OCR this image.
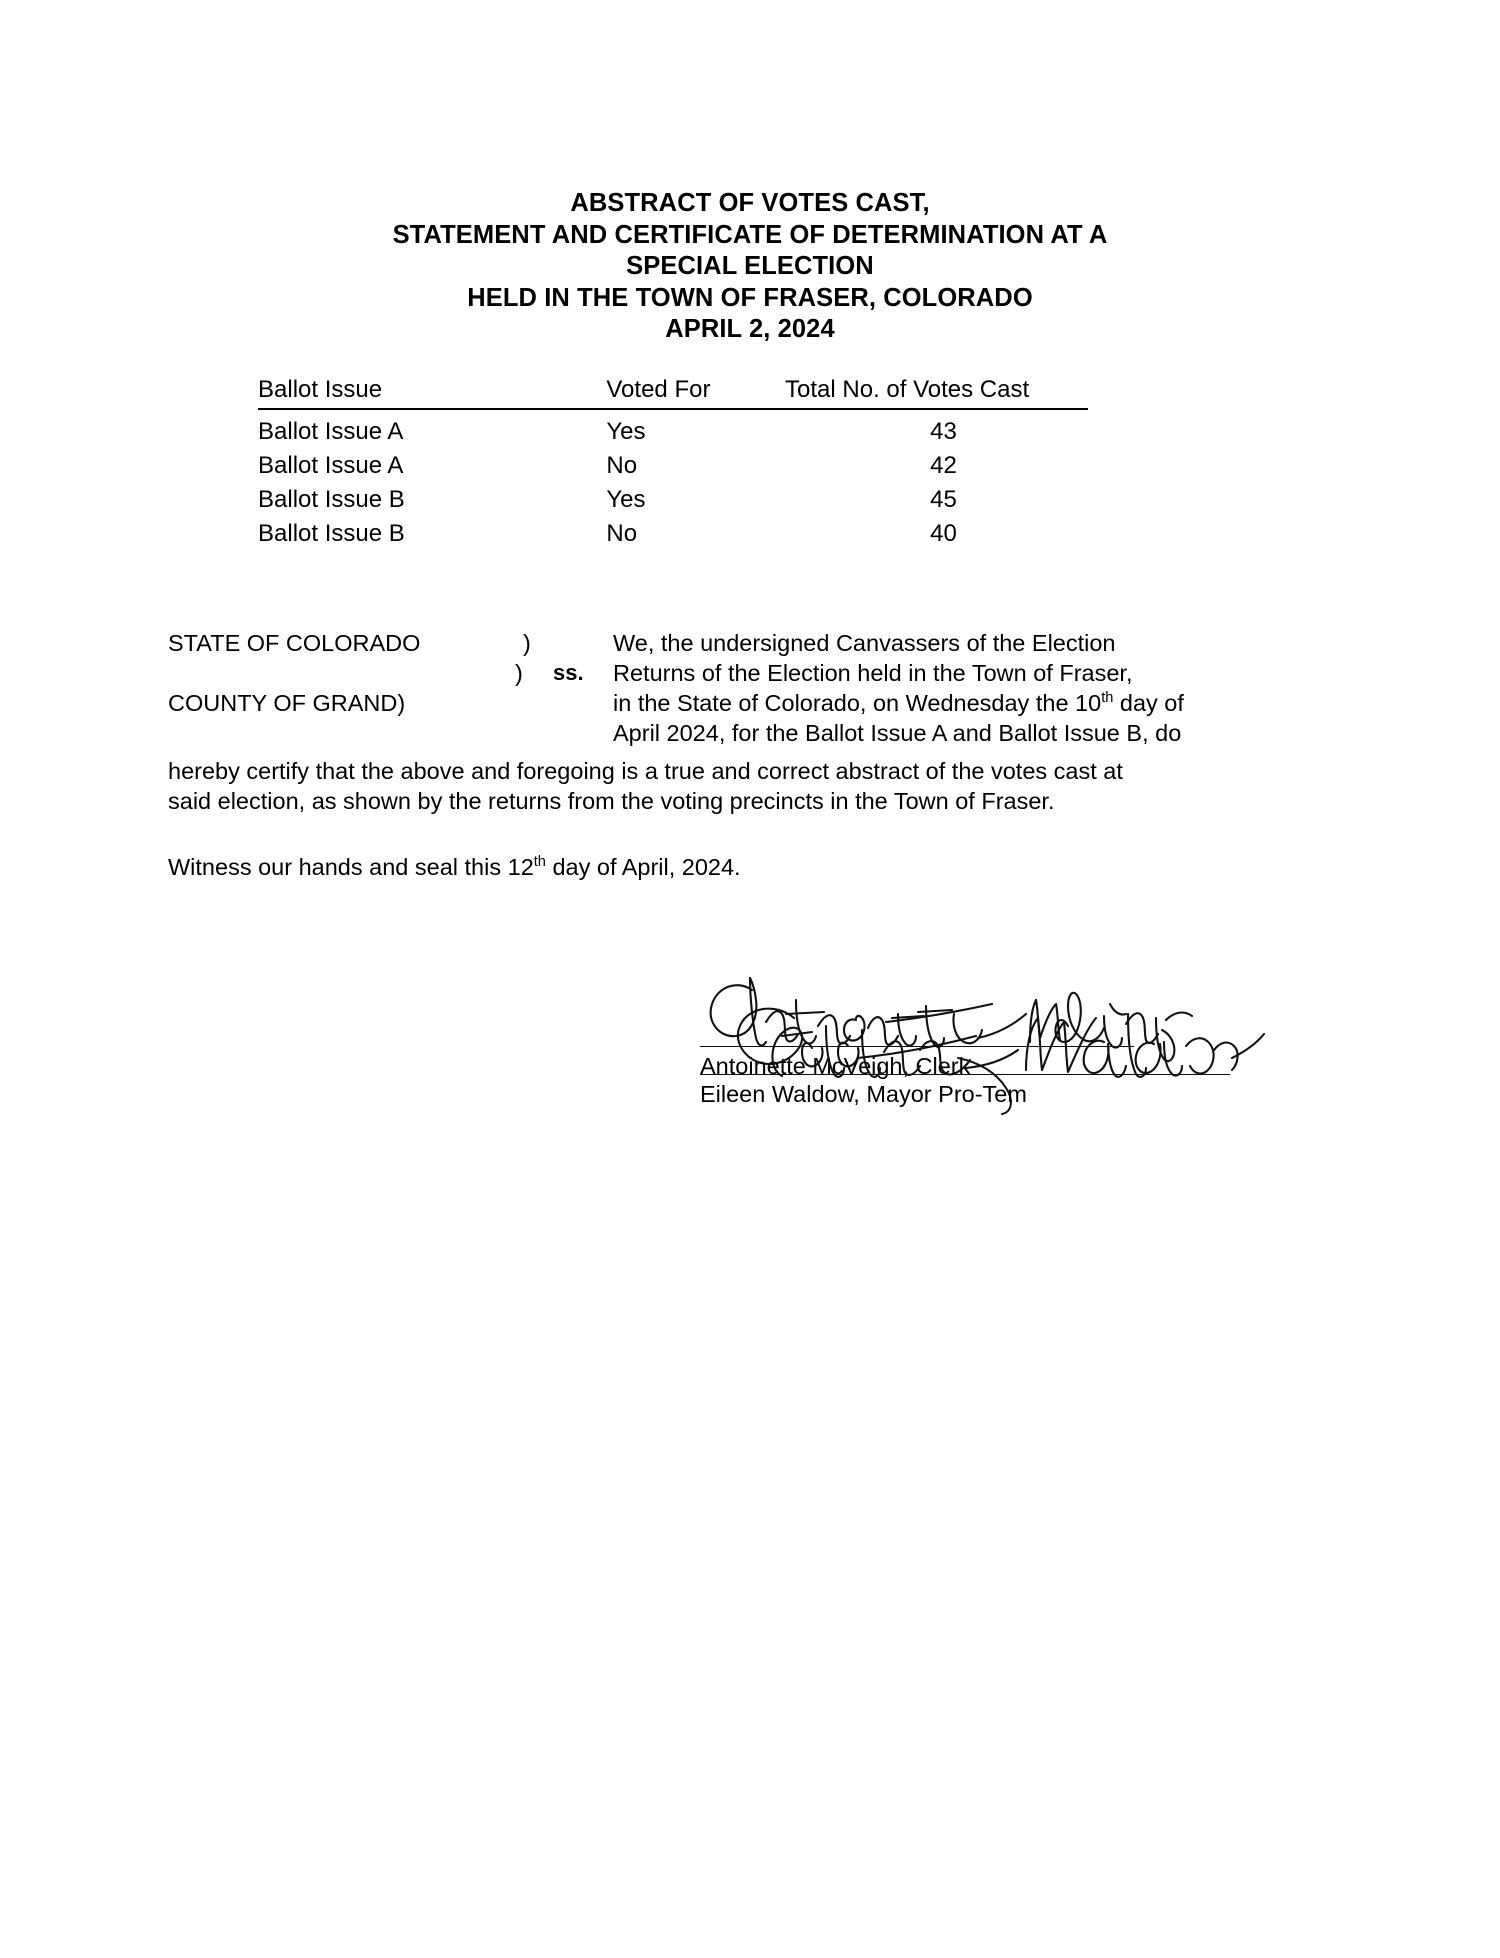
ABSTRACT OF VOTES CAST,
STATEMENT AND CERTIFICATE OF DETERMINATION AT A
SPECIAL ELECTION
HELD IN THE TOWN OF FRASER, COLORADO
APRIL 2, 2024
Ballot Issue	Voted For	Total No. of Votes Cast
Ballot Issue A	Yes	43
Ballot Issue A	No	42
Ballot Issue B	Yes	45
Ballot Issue B	No	40
STATE OF COLORADO
COUNTY OF GRAND)
)
) ss.
We, the undersigned Canvassers of the Election
Returns of the Election held in the Town of Fraser,
in the State of Colorado, on Wednesday the 10th day of
April 2024, for the Ballot Issue A and Ballot Issue B, do
hereby certify that the above and foregoing is a true and correct abstract of the votes cast at
said election, as shown by the returns from the voting precincts in the Town of Fraser.
Witness our hands and seal this 12th day of April, 2024.
Antoinette McVeigh, Clerk
Eileen Waldow, Mayor Pro-Tem
